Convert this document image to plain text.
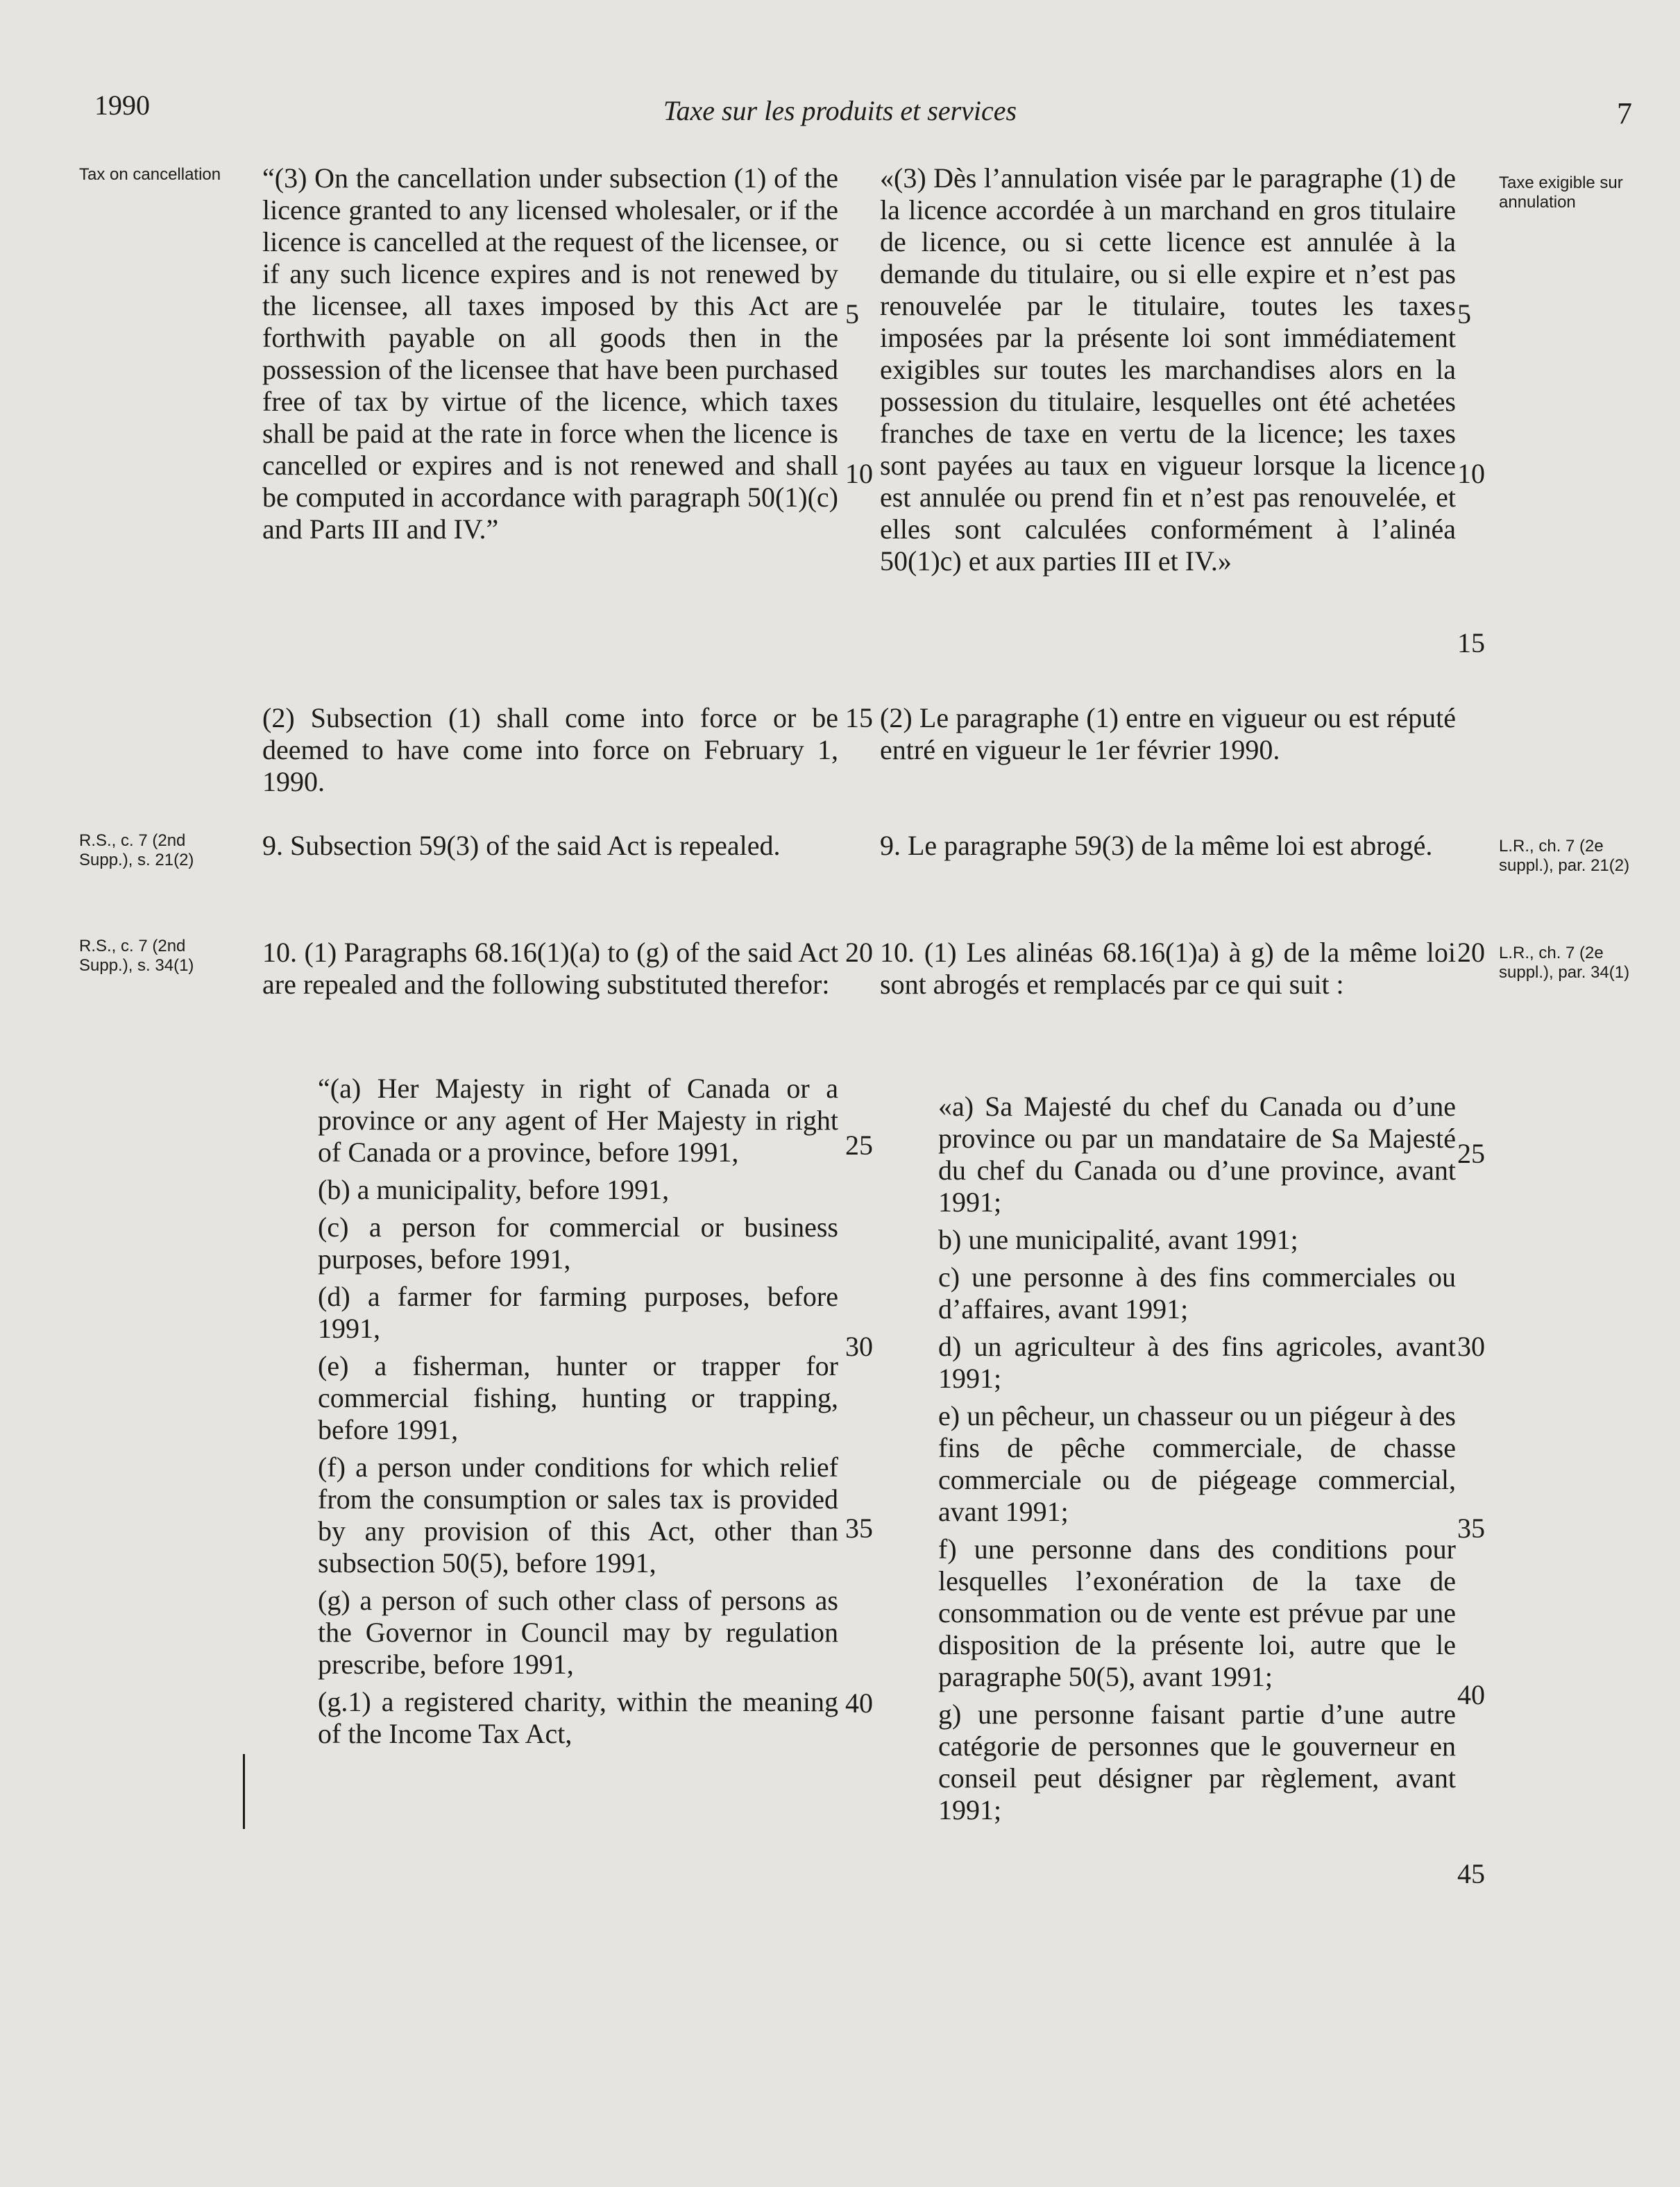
1990	Taxe sur les produits et services	7
Tax on cancellation	Taxe exigible sur annulation
R.S., c. 7 (2nd Supp.), s. 21(2)
L.R., ch. 7 (2e suppl.), par. 21(2)
R.S., c. 7 (2nd Supp.), s. 34(1)
L.R., ch. 7 (2e suppl.), par. 34(1)

“(3) On the cancellation under subsection (1) of the licence granted to any licensed wholesaler, or if the licence is cancelled at the request of the licensee, or if any such licence expires and is not renewed by the licensee, all taxes imposed by this Act are forthwith payable on all goods then in the possession of the licensee that have been purchased free of tax by virtue of the licence, which taxes shall be paid at the rate in force when the licence is cancelled or expires and is not renewed and shall be computed in accordance with paragraph 50(1)(c) and Parts III and IV.”

(2) Subsection (1) shall come into force or be deemed to have come into force on February 1, 1990.

9. Subsection 59(3) of the said Act is repealed.

10. (1) Paragraphs 68.16(1)(a) to (g) of the said Act are repealed and the following substituted therefor:

“(a) Her Majesty in right of Canada or a province or any agent of Her Majesty in right of Canada or a province, before 1991,

(b) a municipality, before 1991,

(c) a person for commercial or business purposes, before 1991,

(d) a farmer for farming purposes, before 1991,

(e) a fisherman, hunter or trapper for commercial fishing, hunting or trapping, before 1991,

(f) a person under conditions for which relief from the consumption or sales tax is provided by any provision of this Act, other than subsection 50(5), before 1991,

(g) a person of such other class of persons as the Governor in Council may by regulation prescribe, before 1991,

(g.1) a registered charity, within the meaning of the Income Tax Act,

5
10
15
20
25
30
35
40

«(3) Dès l’annulation visée par le paragraphe (1) de la licence accordée à un marchand en gros titulaire de licence, ou si cette licence est annulée à la demande du titulaire, ou si elle expire et n’est pas renouvelée par le titulaire, toutes les taxes imposées par la présente loi sont immédiatement exigibles sur toutes les marchandises alors en la possession du titulaire, lesquelles ont été achetées franches de taxe en vertu de la licence; les taxes sont payées au taux en vigueur lorsque la licence est annulée ou prend fin et n’est pas renouvelée, et elles sont calculées conformément à l’alinéa 50(1)c) et aux parties III et IV.»

(2) Le paragraphe (1) entre en vigueur ou est réputé entré en vigueur le 1er février 1990.

9. Le paragraphe 59(3) de la même loi est abrogé.

10. (1) Les alinéas 68.16(1)a) à g) de la même loi sont abrogés et remplacés par ce qui suit :

«a) Sa Majesté du chef du Canada ou d’une province ou par un mandataire de Sa Majesté du chef du Canada ou d’une province, avant 1991;

b) une municipalité, avant 1991;

c) une personne à des fins commerciales ou d’affaires, avant 1991;

d) un agriculteur à des fins agricoles, avant 1991;

e) un pêcheur, un chasseur ou un piégeur à des fins de pêche commerciale, de chasse commerciale ou de piégeage commercial, avant 1991;

f) une personne dans des conditions pour lesquelles l’exonération de la taxe de consommation ou de vente est prévue par une disposition de la présente loi, autre que le paragraphe 50(5), avant 1991;

g) une personne faisant partie d’une autre catégorie de personnes que le gouverneur en conseil peut désigner par règlement, avant 1991;

5
10
15
20
25
30
35
40
45
